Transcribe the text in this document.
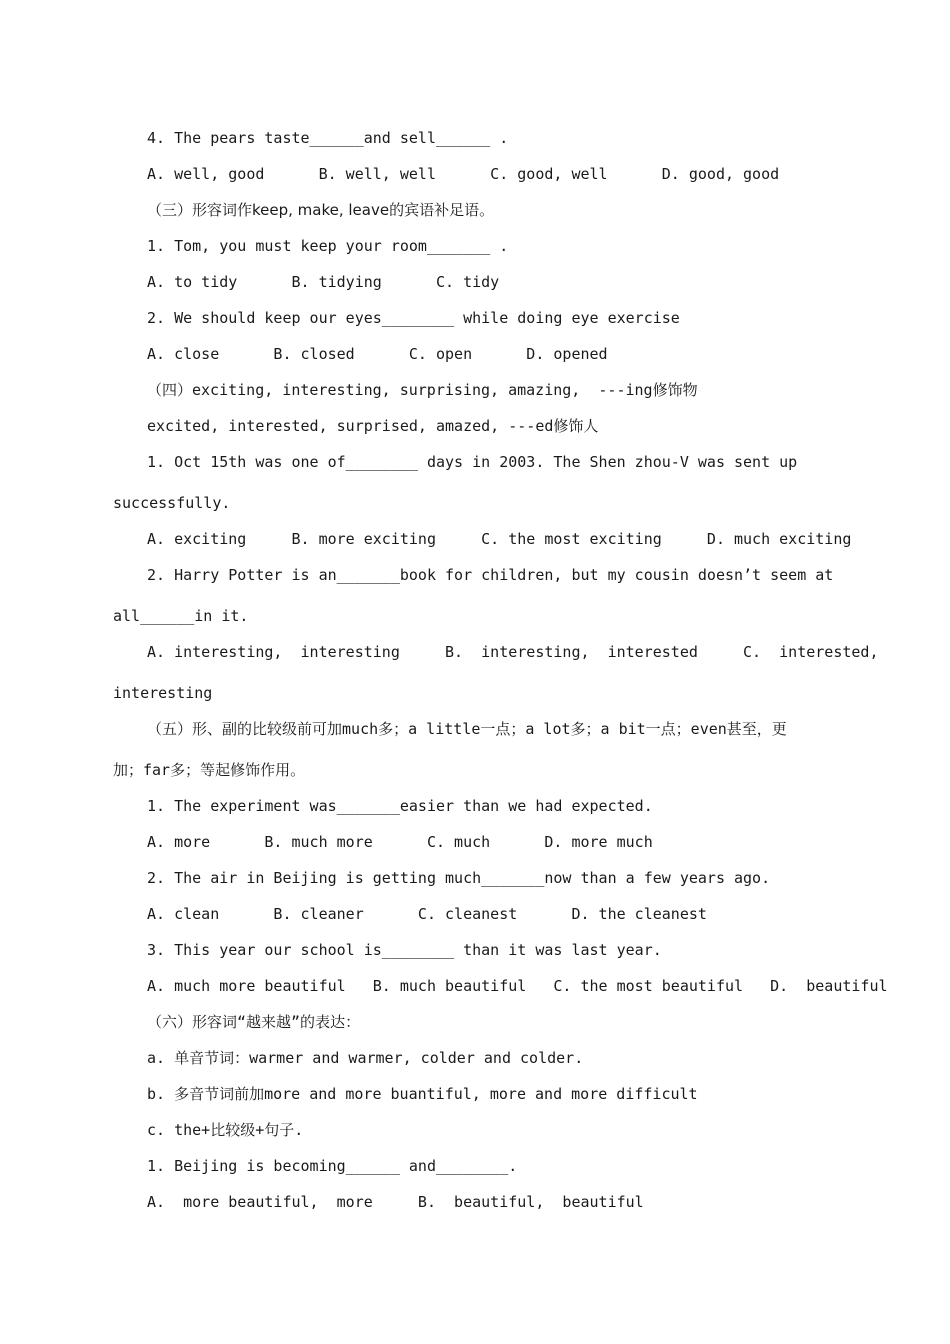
4. The pears taste______and sell______ .
A. well, good      B. well, well      C. good, well      D. good, good
（三）形容词作keep, make, leave的宾语补足语。
1. Tom, you must keep your room_______ .
A. to tidy      B. tidying      C. tidy
2. We should keep our eyes________ while doing eye exercise
A. close      B. closed      C. open      D. opened
（四）exciting, interesting, surprising, amazing,  ---ing修饰物
excited, interested, surprised, amazed, ---ed修饰人
1. Oct 15th was one of________ days in 2003. The Shen zhou-V was sent up
successfully.
A. exciting     B. more exciting     C. the most exciting     D. much exciting
2. Harry Potter is an_______book for children, but my cousin doesn’t seem at
all______in it.
A. interesting,  interesting     B.  interesting,  interested     C.  interested,
interesting
（五）形、副的比较级前可加much多；a little一点；a lot多；a bit一点；even甚至，更
加；far多；等起修饰作用。
1. The experiment was_______easier than we had expected.
A. more      B. much more      C. much      D. more much
2. The air in Beijing is getting much_______now than a few years ago.
A. clean      B. cleaner      C. cleanest      D. the cleanest
3. This year our school is________ than it was last year.
A. much more beautiful   B. much beautiful   C. the most beautiful   D.  beautiful
（六）形容词“越来越”的表达：
a. 单音节词：warmer and warmer, colder and colder.
b. 多音节词前加more and more buantiful, more and more difficult
c. the+比较级+句子.
1. Beijing is becoming______ and________.
A.  more beautiful,  more     B.  beautiful,  beautiful
